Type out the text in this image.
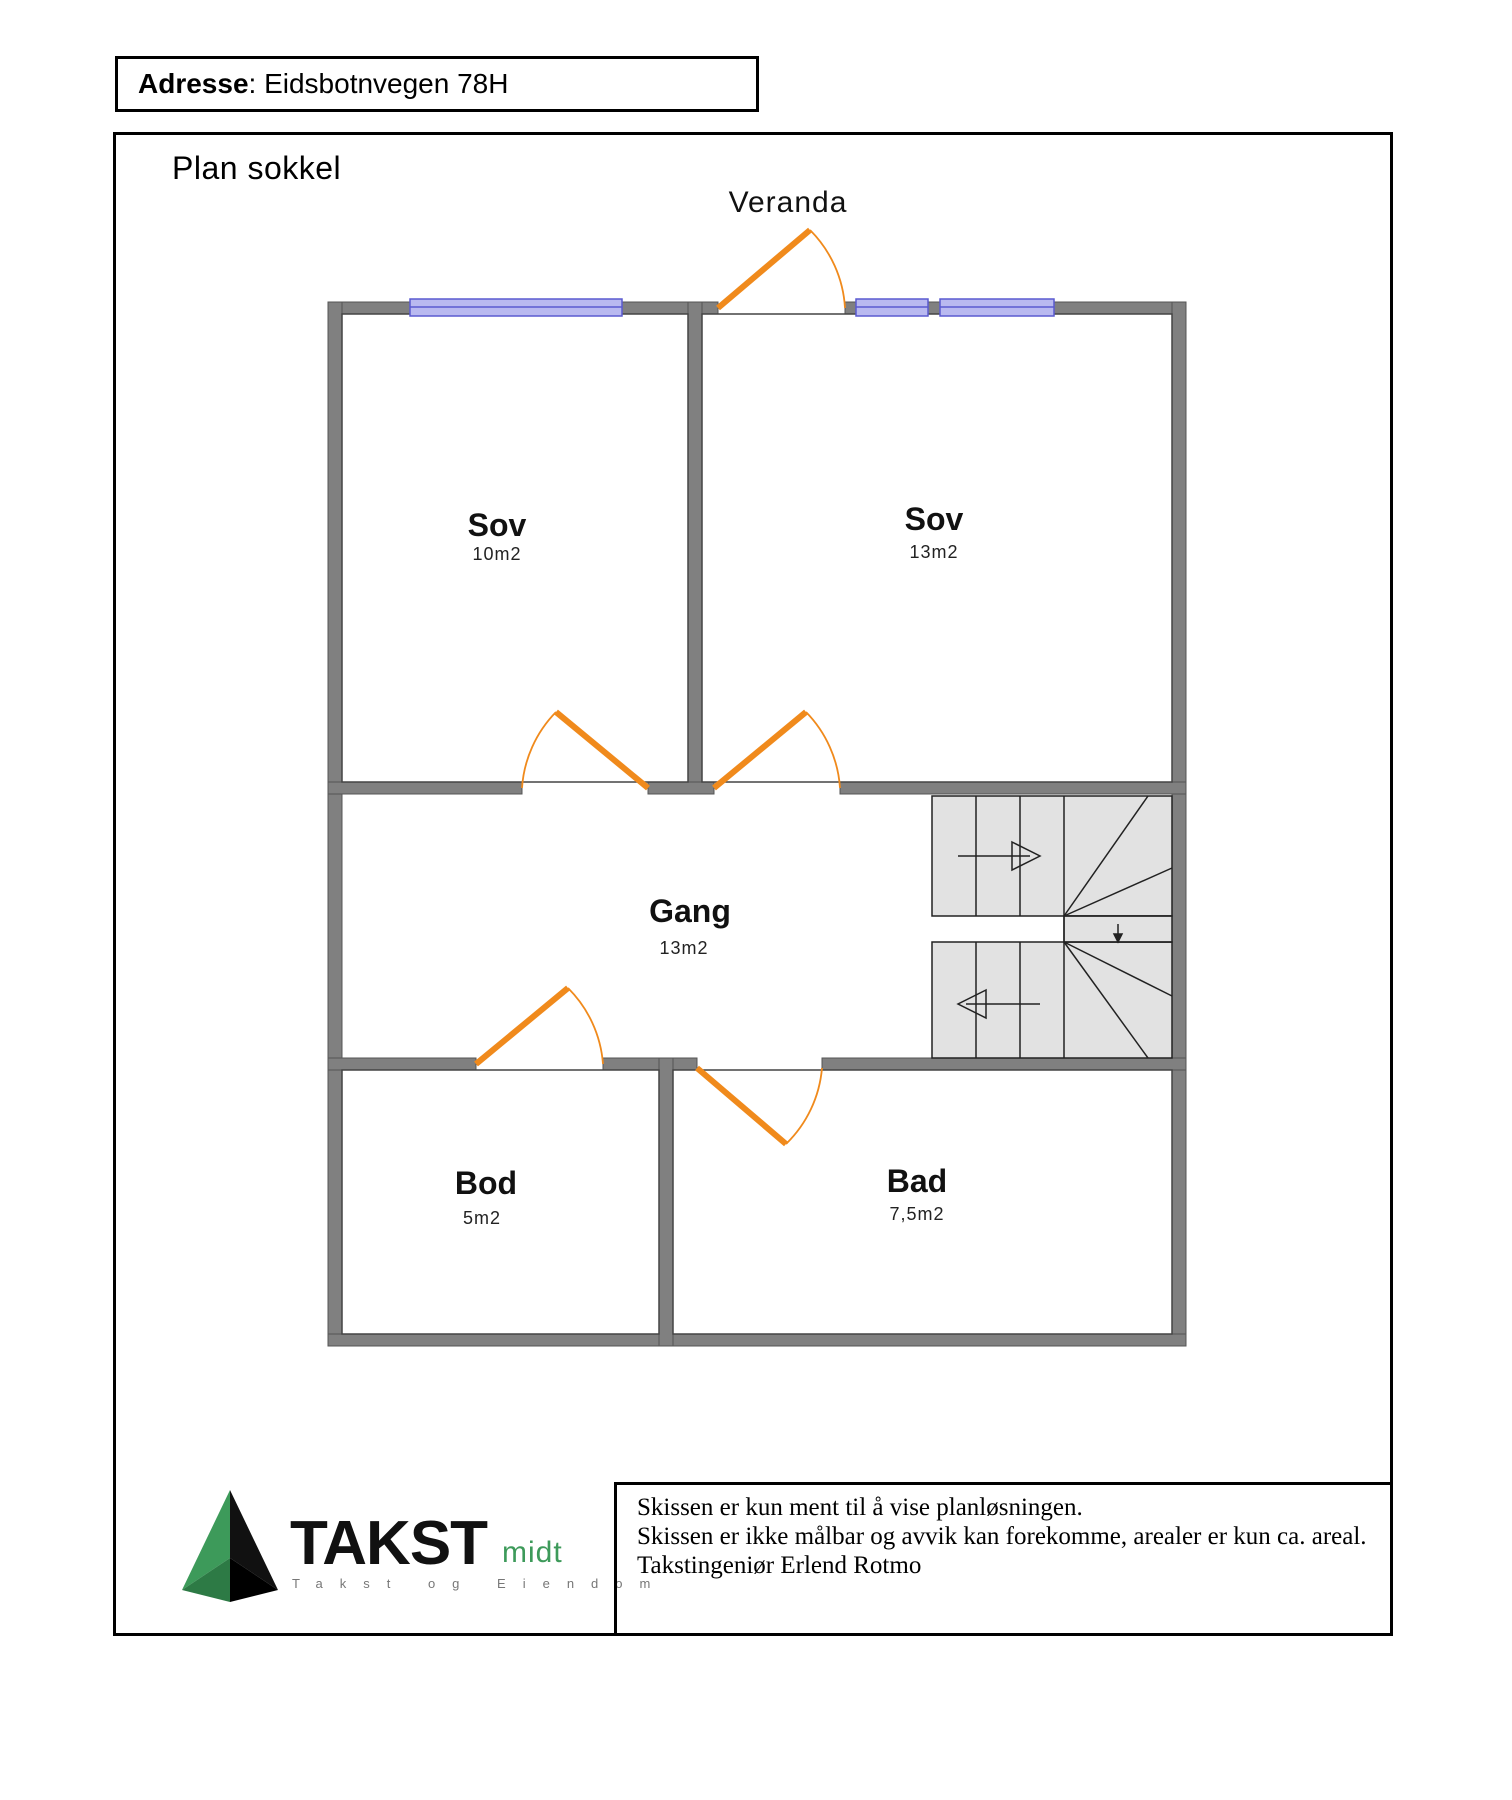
Adresse: Eidsbotnvegen 78H
Plan sokkel
Veranda
Sov
10m2
Sov
13m2
Gang
13m2
Bod
5m2
Bad
7,5m2
TAKST midt
Takst og Eiendom
Skissen er kun ment til å vise planløsningen.
Skissen er ikke målbar og avvik kan forekomme, arealer er kun ca. areal.
Takstingeniør Erlend Rotmo
